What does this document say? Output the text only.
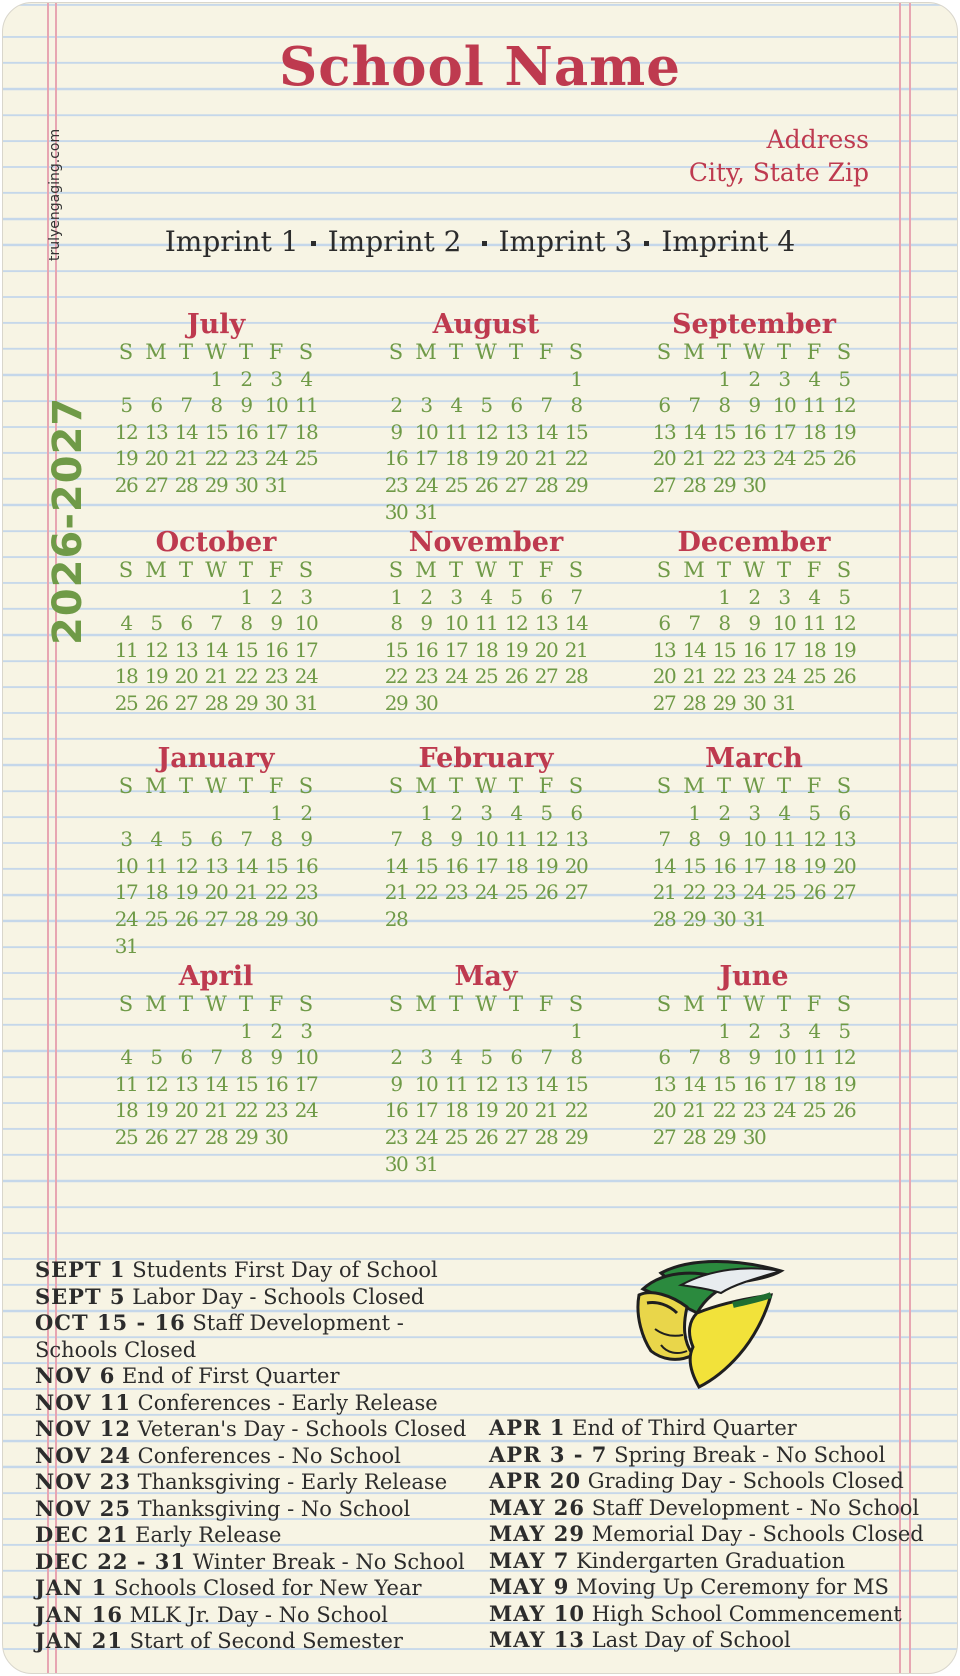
School Name
Address
City, State Zip
Imprint 1 Imprint 2 Imprint 3 Imprint 4
trulyengaging.com
2026-2027
July
S M T W T F S
1 2 3 4
5 6 7 8 9 10 11
12 13 14 15 16 17 18
19 20 21 22 23 24 25
26 27 28 29 30 31
August
S M T W T F S
1
2 3 4 5 6 7 8
9 10 11 12 13 14 15
16 17 18 19 20 21 22
23 24 25 26 27 28 29
30 31
September
S M T W T F S
1 2 3 4 5
6 7 8 9 10 11 12
13 14 15 16 17 18 19
20 21 22 23 24 25 26
27 28 29 30
October
S M T W T F S
1 2 3
4 5 6 7 8 9 10
11 12 13 14 15 16 17
18 19 20 21 22 23 24
25 26 27 28 29 30 31
November
S M T W T F S
1 2 3 4 5 6 7
8 9 10 11 12 13 14
15 16 17 18 19 20 21
22 23 24 25 26 27 28
29 30
December
S M T W T F S
1 2 3 4 5
6 7 8 9 10 11 12
13 14 15 16 17 18 19
20 21 22 23 24 25 26
27 28 29 30 31
January
S M T W T F S
1 2
3 4 5 6 7 8 9
10 11 12 13 14 15 16
17 18 19 20 21 22 23
24 25 26 27 28 29 30
31
February
S M T W T F S
1 2 3 4 5 6
7 8 9 10 11 12 13
14 15 16 17 18 19 20
21 22 23 24 25 26 27
28
March
S M T W T F S
1 2 3 4 5 6
7 8 9 10 11 12 13
14 15 16 17 18 19 20
21 22 23 24 25 26 27
28 29 30 31
April
S M T W T F S
1 2 3
4 5 6 7 8 9 10
11 12 13 14 15 16 17
18 19 20 21 22 23 24
25 26 27 28 29 30
May
S M T W T F S
1
2 3 4 5 6 7 8
9 10 11 12 13 14 15
16 17 18 19 20 21 22
23 24 25 26 27 28 29
30 31
June
S M T W T F S
1 2 3 4 5
6 7 8 9 10 11 12
13 14 15 16 17 18 19
20 21 22 23 24 25 26
27 28 29 30
SEPT 1 Students First Day of School
SEPT 5 Labor Day - Schools Closed
OCT 15 - 16 Staff Development -
Schools Closed
NOV 6 End of First Quarter
NOV 11 Conferences - Early Release
NOV 12 Veteran's Day - Schools Closed
NOV 24 Conferences - No School
NOV 23 Thanksgiving - Early Release
NOV 25 Thanksgiving - No School
DEC 21 Early Release
DEC 22 - 31 Winter Break - No School
JAN 1 Schools Closed for New Year
JAN 16 MLK Jr. Day - No School
JAN 21 Start of Second Semester
APR 1 End of Third Quarter
APR 3 - 7 Spring Break - No School
APR 20 Grading Day - Schools Closed
MAY 26 Staff Development - No School
MAY 29 Memorial Day - Schools Closed
MAY 7 Kindergarten Graduation
MAY 9 Moving Up Ceremony for MS
MAY 10 High School Commencement
MAY 13 Last Day of School
